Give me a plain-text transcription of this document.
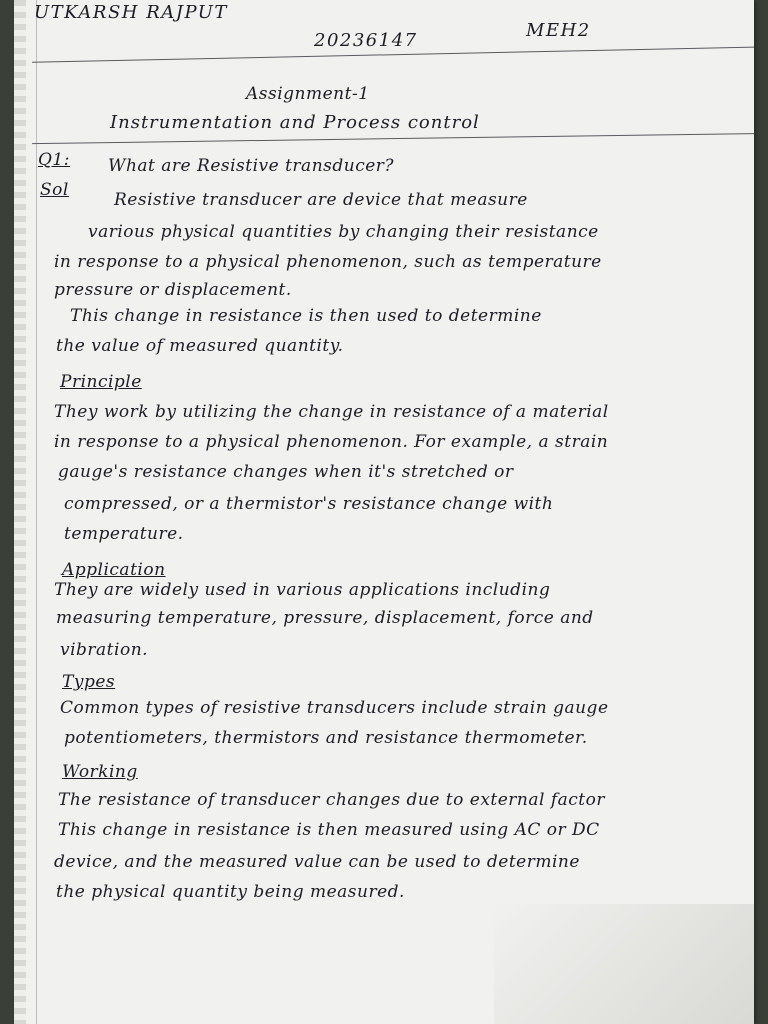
UTKARSH RAJPUT
20236147	MEH2
Assignment-1
Instrumentation and Process control
Q1: What are Resistive transducer?
Sol	Resistive transducer are device that measure
various physical quantities by changing their resistance
in response to a physical phenomenon, such as temperature
pressure or displacement.
This change in resistance is then used to determine
the value of measured quantity.
Principle
They work by utilizing the change in resistance of a material
in response to a physical phenomenon. For example, a strain
gauge's resistance changes when it's stretched or
compressed, or a thermistor's resistance change with
temperature.
Application
They are widely used in various applications including
measuring temperature, pressure, displacement, force and
vibration.
Types
Common types of resistive transducers include strain gauge
potentiometers, thermistors and resistance thermometer.
Working
The resistance of transducer changes due to external factor
This change in resistance is then measured using AC or DC
device, and the measured value can be used to determine
the physical quantity being measured.
